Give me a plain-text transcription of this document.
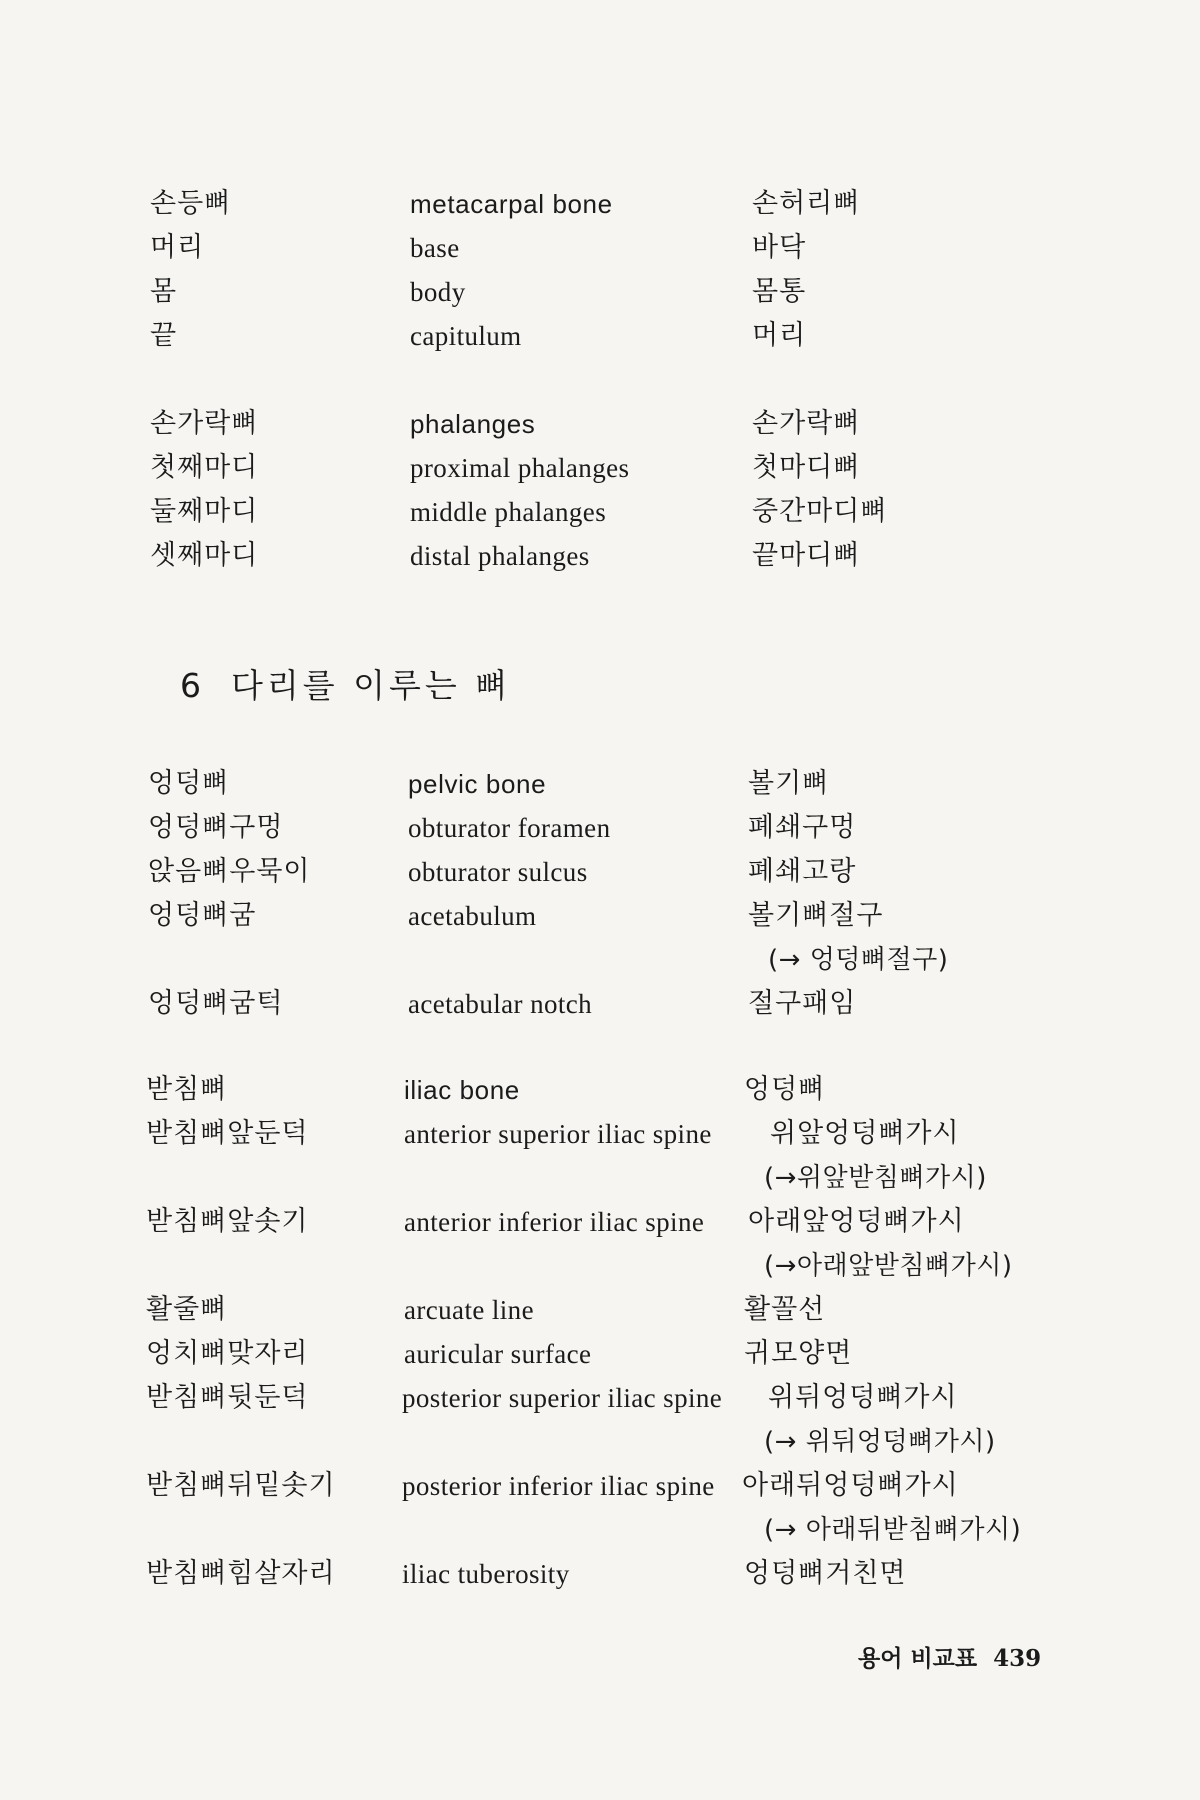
손등뼈	metacarpal bone	손허리뼈
머리	base	바닥
몸	body	몸통
끝	capitulum	머리
손가락뼈	phalanges	손가락뼈
첫째마디	proximal phalanges	첫마디뼈
둘째마디	middle phalanges	중간마디뼈
셋째마디	distal phalanges	끝마디뼈
6 다리를 이루는 뼈
엉덩뼈	pelvic bone	볼기뼈
엉덩뼈구멍	obturator foramen	폐쇄구멍
앉음뼈우묵이	obturator sulcus	폐쇄고랑
엉덩뼈굼	acetabulum	볼기뼈절구
(→ 엉덩뼈절구)
엉덩뼈굼턱	acetabular notch	절구패임
받침뼈	iliac bone	엉덩뼈
받침뼈앞둔덕	anterior superior iliac spine 위앞엉덩뼈가시
(→위앞받침뼈가시)
받침뼈앞솟기	anterior inferior iliac spine 아래앞엉덩뼈가시
(→아래앞받침뼈가시)
활줄뼈	arcuate line	활꼴선
엉치뼈맞자리	auricular surface	귀모양면
받침뼈뒷둔덕	posterior superior iliac spine 위뒤엉덩뼈가시
(→ 위뒤엉덩뼈가시)
받침뼈뒤밑솟기 posterior inferior iliac spine 아래뒤엉덩뼈가시
(→ 아래뒤받침뼈가시)
받침뼈힘살자리 iliac tuberosity	엉덩뼈거친면
용어 비교표 439
